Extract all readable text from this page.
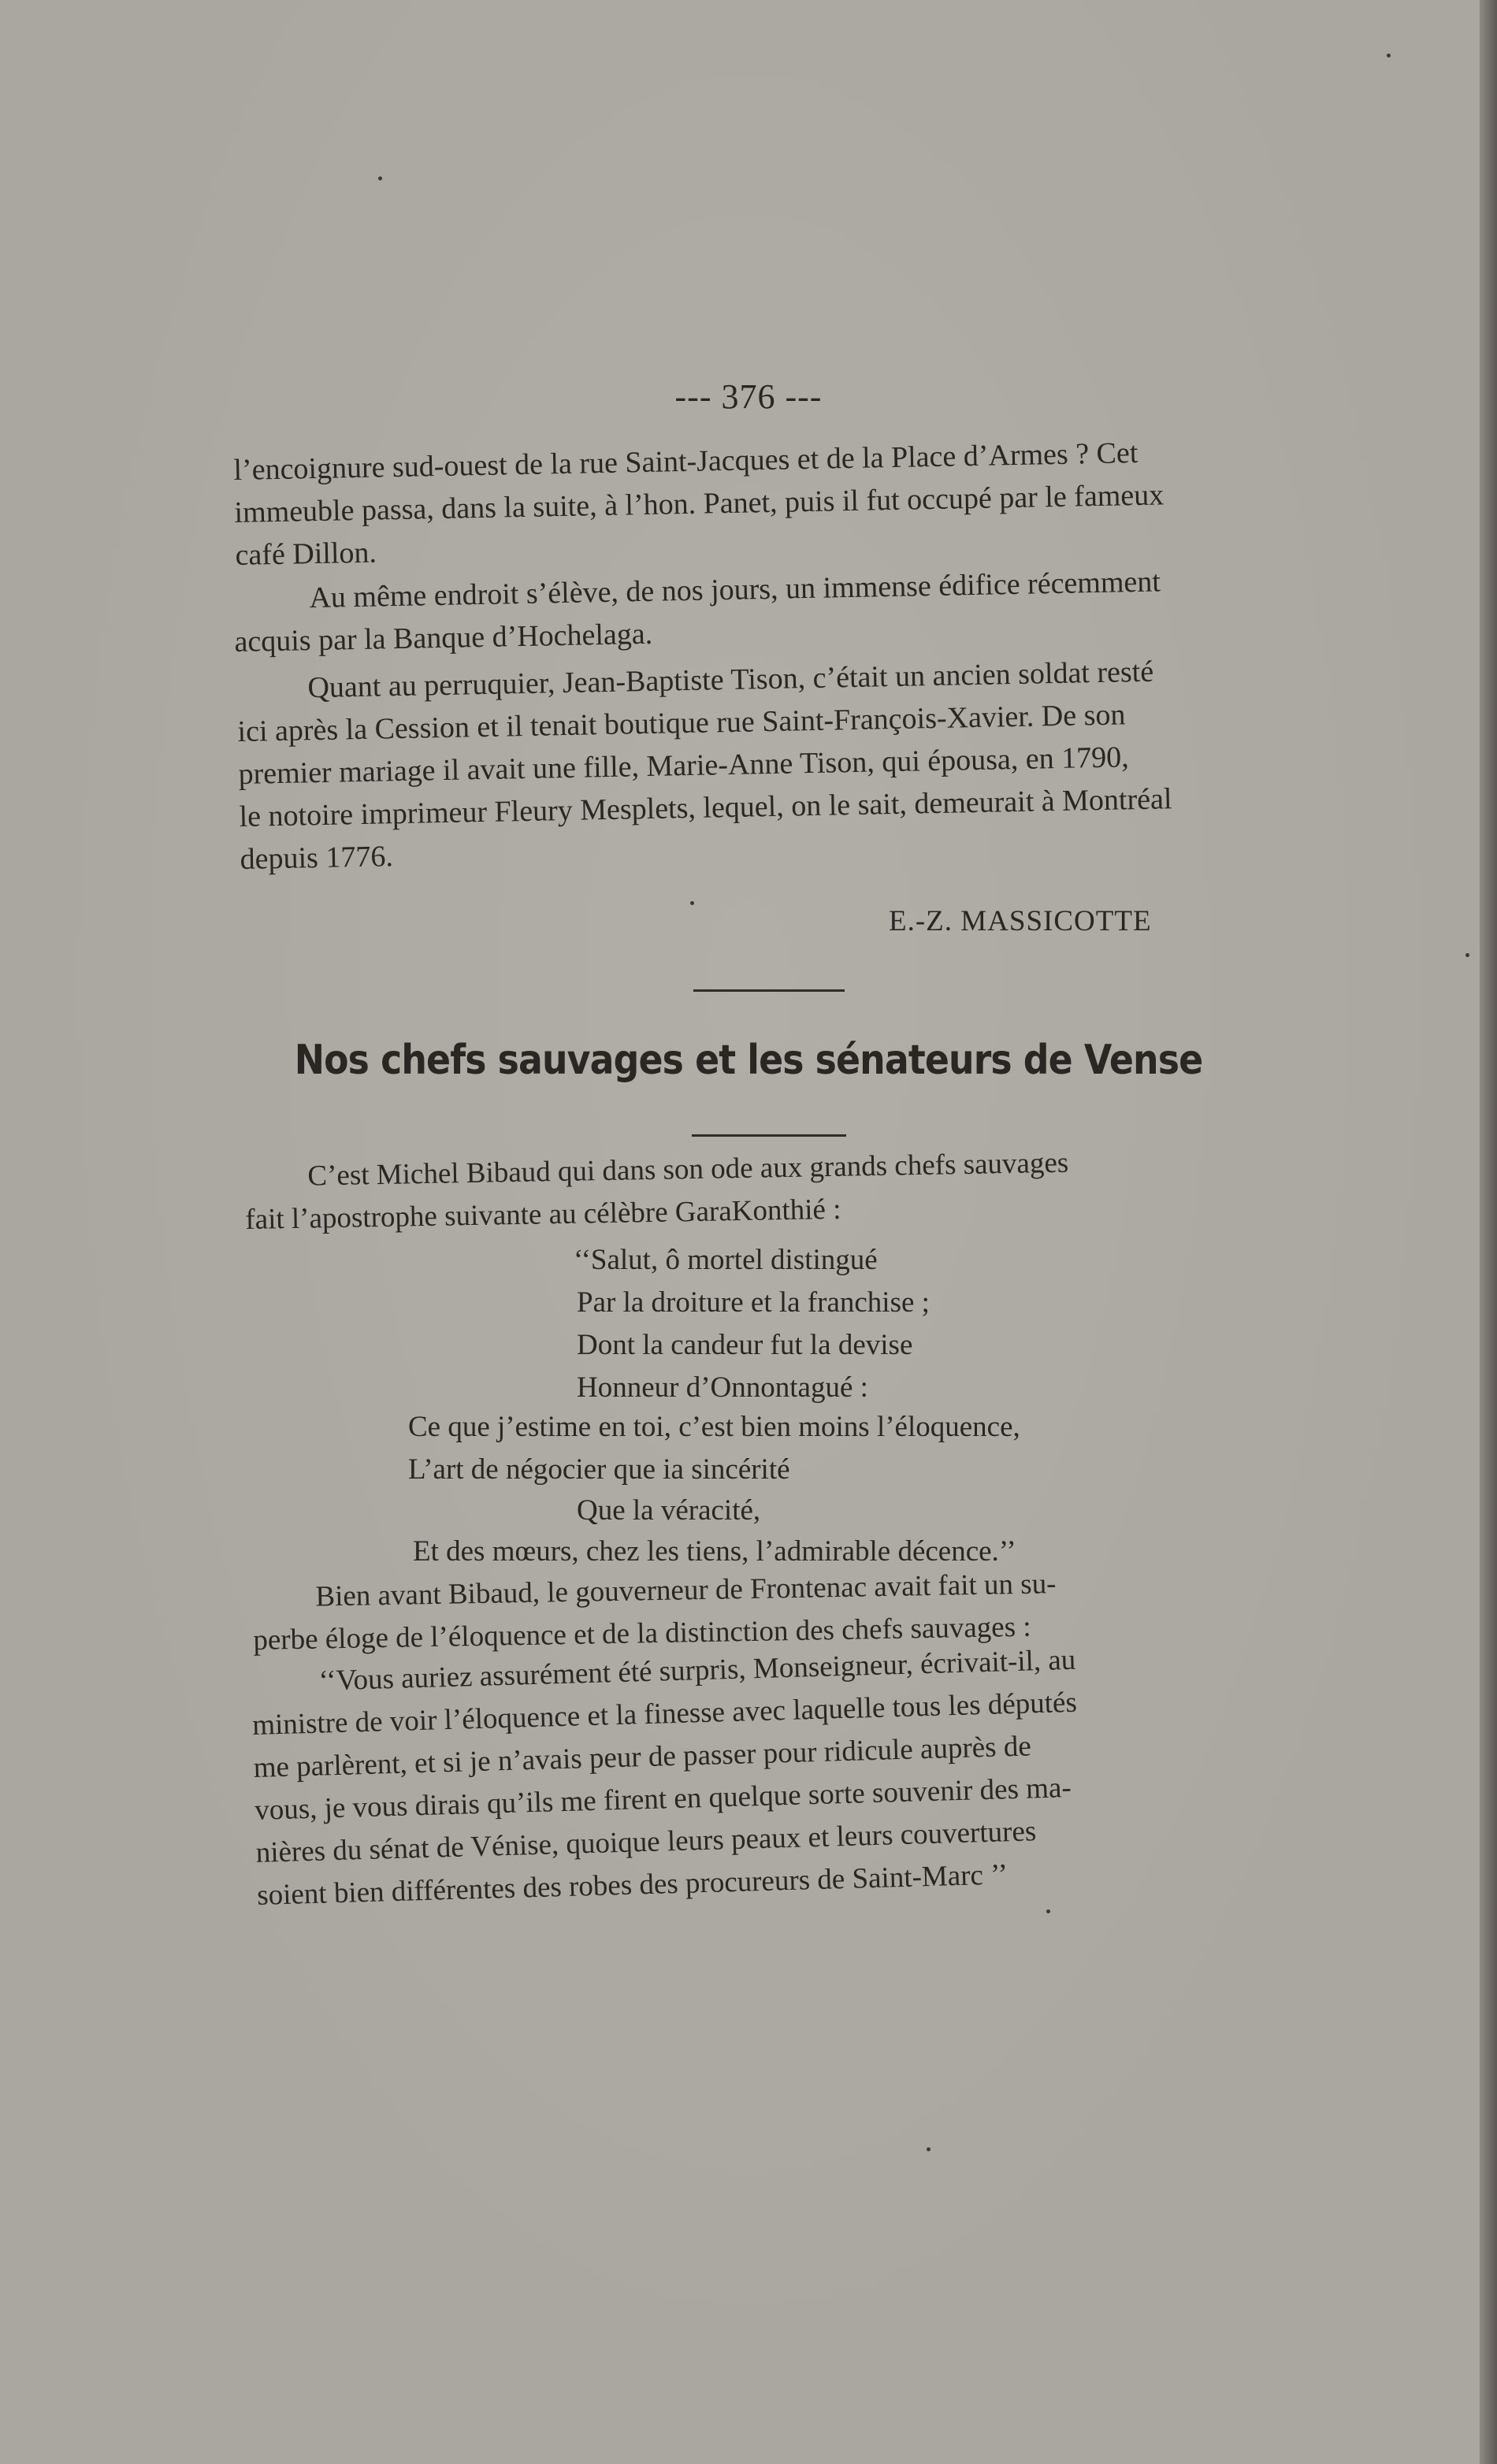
--- 376 ---

l’encoignure sud-ouest de la rue Saint-Jacques et de la Place d’Armes ? Cet
immeuble passa, dans la suite, à l’hon. Panet, puis il fut occupé par le fameux
café Dillon.

Au même endroit s’élève, de nos jours, un immense édifice récemment
acquis par la Banque d’Hochelaga.

Quant au perruquier, Jean-Baptiste Tison, c’était un ancien soldat resté
ici après la Cession et il tenait boutique rue Saint-François-Xavier. De son
premier mariage il avait une fille, Marie-Anne Tison, qui épousa, en 1790,
le notoire imprimeur Fleury Mesplets, lequel, on le sait, demeurait à Montréal
depuis 1776.

E.-Z. MASSICOTTE
Nos chefs sauvages et les sénateurs de Vense

C’est Michel Bibaud qui dans son ode aux grands chefs sauvages
fait l’apostrophe suivante au célèbre GaraKonthié :

‘‘Salut, ô mortel distingué
Par la droiture et la franchise ;
Dont la candeur fut la devise
Honneur d’Onnontagué :
Ce que j’estime en toi, c’est bien moins l’éloquence,
L’art de négocier que ia sincérité
Que la véracité,
Et des mœurs, chez les tiens, l’admirable décence.’’

Bien avant Bibaud, le gouverneur de Frontenac avait fait un su-
perbe éloge de l’éloquence et de la distinction des chefs sauvages :

‘‘Vous auriez assurément été surpris, Monseigneur, écrivait-il, au
ministre de voir l’éloquence et la finesse avec laquelle tous les députés
me parlèrent, et si je n’avais peur de passer pour ridicule auprès de
vous, je vous dirais qu’ils me firent en quelque sorte souvenir des ma-
nières du sénat de Vénise, quoique leurs peaux et leurs couvertures
soient bien différentes des robes des procureurs de Saint-Marc ’’
